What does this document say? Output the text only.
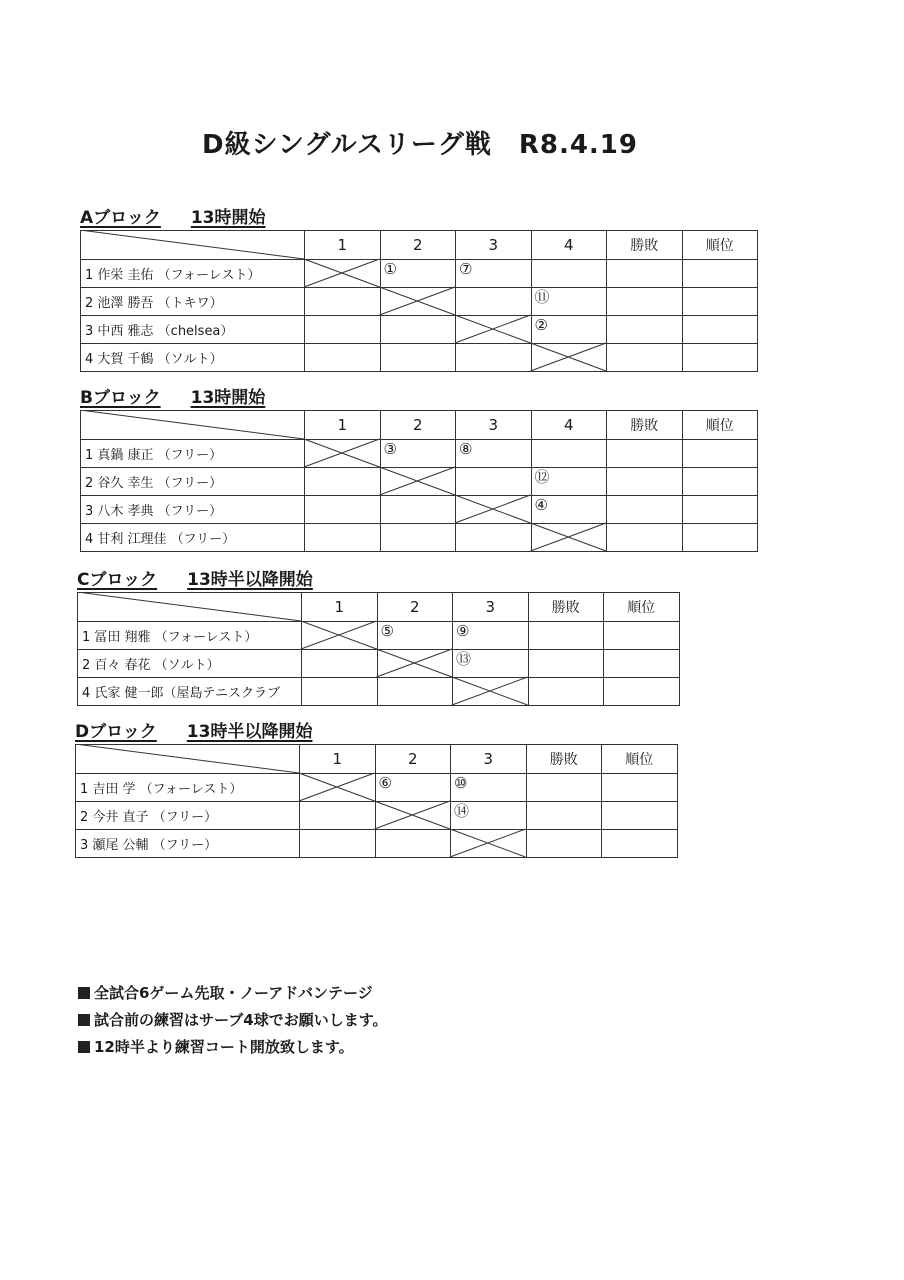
D級シングルスリーグ戦　R8.4.19
Aブロック 13時開始
	1	2	3	4	勝敗	順位
1 作栄 圭佑 （フォーレスト）		①	⑦			
2 池澤 勝吾 （トキワ）				⑪		
3 中西 雅志 （chelsea）				②		
4 大賀 千鶴 （ソルト）						
Bブロック 13時開始
	1	2	3	4	勝敗	順位
1 真鍋 康正 （フリー）		③	⑧			
2 谷久 幸生 （フリー）				⑫		
3 八木 孝典 （フリー）				④		
4 甘利 江理佳 （フリー）						
Cブロック 13時半以降開始
	1	2	3	勝敗	順位
1 冨田 翔雅 （フォーレスト）		⑤	⑨		
2 百々 春花 （ソルト）			⑬		
4 氏家 健一郎（屋島テニスクラブ					
Dブロック 13時半以降開始
	1	2	3	勝敗	順位
1 吉田 学 （フォーレスト）		⑥	⑩		
2 今井 直子 （フリー）			⑭		
3 瀬尾 公輔 （フリー）					
全試合6ゲーム先取・ノーアドバンテージ
試合前の練習はサーブ4球でお願いします。
12時半より練習コート開放致します。
